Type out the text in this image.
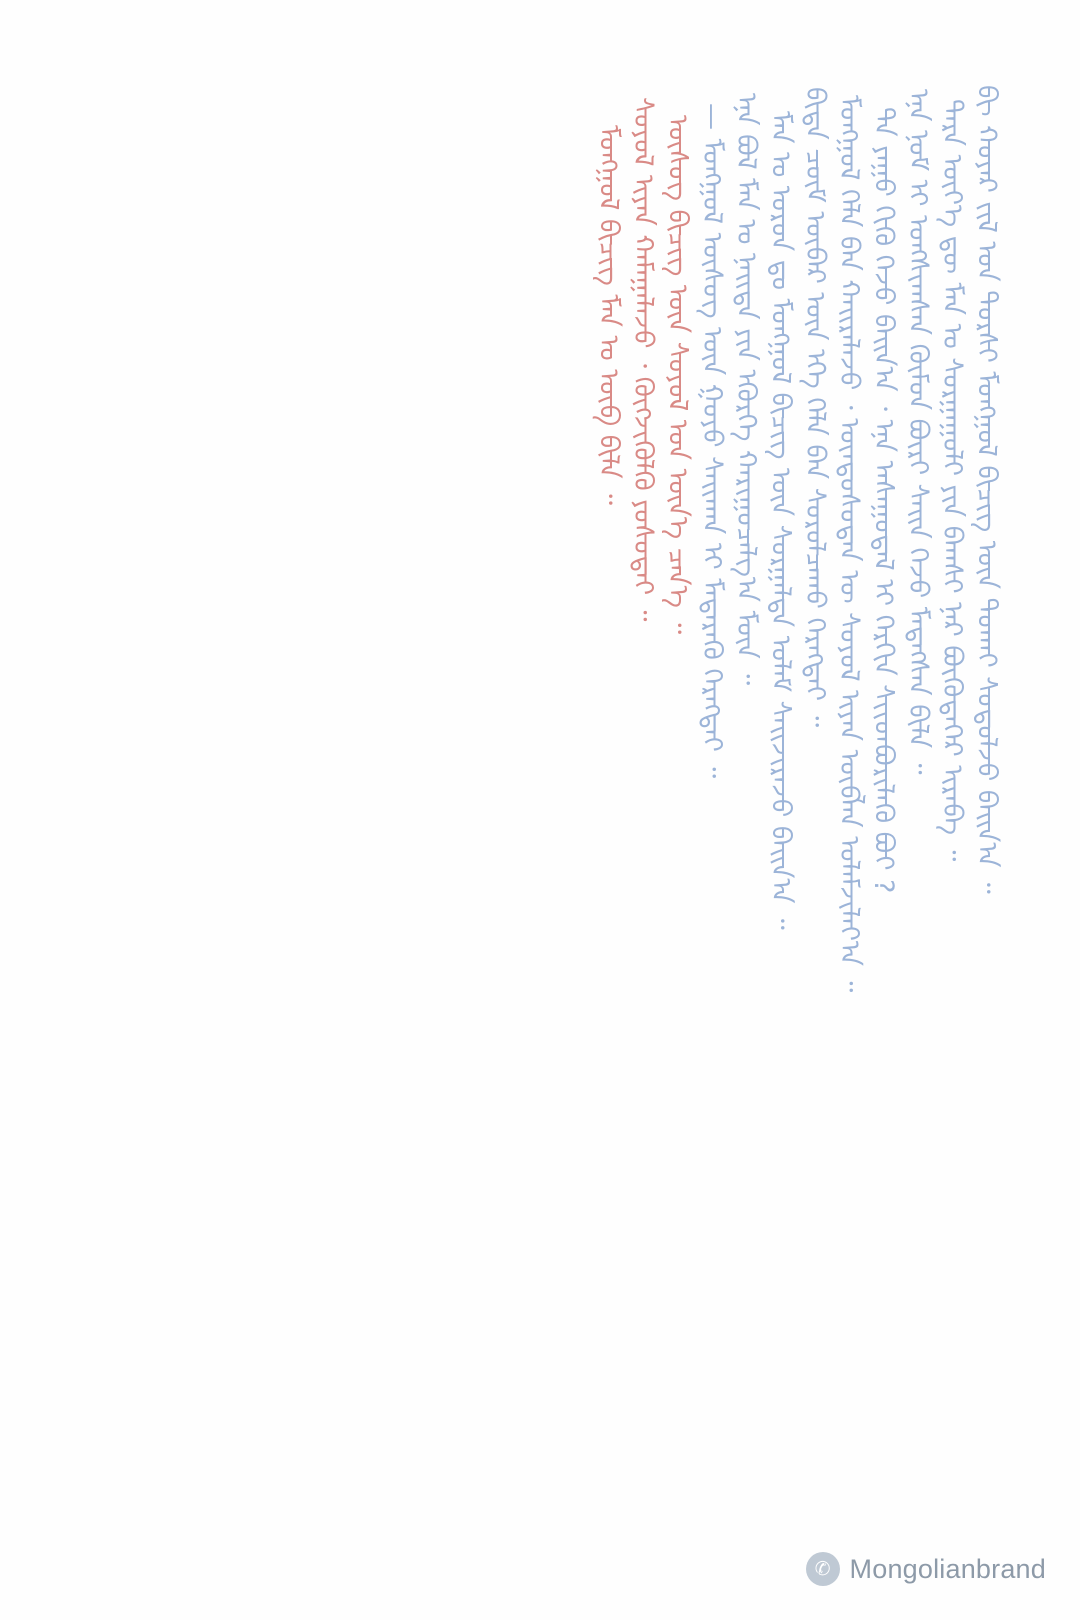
ᠪᠢ ᠬᠣᠶᠠᠷ ᠵᠢᠯ ᠤᠨ ᠲᠤᠷᠰᠢ ᠮᠣᠩᠭᠣᠯ ᠪᠢᠴᠢᠭ ᠦᠨ ᠲᠤᠬᠠᠢ ᠰᠤᠳᠤᠯᠵᠤ ᠪᠠᠢᠨ᠎ᠠ ᠃
ᠲᠡᠷᠡ ᠦᠶ᠎ᠡ ᠳᠦ ᠮᠠᠨ ᠤ ᠰᠤᠷᠭᠠᠭᠤᠯᠢ ᠶᠢᠨ ᠪᠠᠭᠰᠢ ᠨᠠᠷ ᠪᠦᠭᠦᠳᠡᠭᠡᠷ ᠢᠷᠡᠪᠡ ᠃
ᠡᠨᠡ ᠨᠣᠮ ᠢ ᠤᠩᠰᠢᠭᠰᠠᠨ ᠬᠦᠮᠦᠨ ᠪᠦᠷᠢ ᠰᠠᠢᠨ ᠭᠡᠵᠦ ᠮᠡᠳᠡᠭᠰᠡᠨ ᠪᠢᠯᠡ ᠃
ᠲᠠ ᠶᠠᠭᠤ ᠬᠢᠬᠦ ᠭᠡᠵᠦ ᠪᠠᠢᠨ᠎ᠠ ᠂ ᠡᠨᠡ ᠠᠰᠠᠭᠤᠳᠠᠯ ᠢ ᠬᠡᠷᠬᠢᠨ ᠰᠢᠢᠳᠪᠦᠷᠢᠯᠡᠬᠦ ᠪᠤᠢ ?
ᠮᠣᠩᠭᠣᠯ ᠬᠡᠯᠡ ᠪᠡᠨ ᠬᠠᠢᠷᠠᠯᠠᠵᠤ ᠂ ᠦᠨᠳᠦᠰᠦᠲᠡᠨ ᠦ ᠰᠤᠶᠤᠯ ᠢᠶᠠᠨ ᠥᠪᠯᠡᠨ ᠤᠯᠠᠮᠵᠢᠯᠠᠶ᠎ᠠ ᠃
ᠪᠢᠳᠡ ᠴᠥᠮ ᠥᠪᠡᠷ ᠦᠨ ᠡᠬᠡ ᠬᠡᠯᠡ ᠪᠡᠨ ᠰᠤᠷᠤᠯᠴᠠᠬᠤ ᠬᠡᠷᠡᠭᠲᠡᠢ ᠃
ᠮᠠᠨ ᠤ ᠣᠷᠣᠨ ᠳᠤ ᠮᠣᠩᠭᠣᠯ ᠪᠢᠴᠢᠭ ᠦᠨ ᠰᠤᠷᠭᠠᠯᠲᠠ ᠤᠯᠠᠮ ᠰᠠᠢᠵᠢᠷᠠᠵᠤ ᠪᠠᠢᠨ᠎ᠠ ᠃
ᠡᠨᠡ ᠪᠣᠯ ᠮᠠᠨ ᠤ ᠨᠡᠢᠲᠡ ᠶᠢᠨ ᠡᠭᠦᠷᠭᠡ ᠬᠠᠷᠢᠭᠤᠴᠠᠯᠭ᠎ᠠ ᠮᠥᠨ ᠃
— ᠮᠣᠩᠭᠣᠯ ᠦᠰᠦᠭ ᠦᠨ ᠭᠣᠶᠣ ᠰᠠᠢᠬᠠᠨ ᠢ ᠮᠡᠳᠡᠷᠡᠬᠦ ᠬᠡᠷᠡᠭᠲᠡᠢ ᠃
ᠦᠰᠦᠭ ᠪᠢᠴᠢᠭ ᠦᠨ ᠰᠤᠶᠤᠯ ᠤᠨ ᠦᠨ᠎ᠡ ᠴᠡᠨ᠎ᠡ ᠃
ᠰᠤᠶᠤᠯ ᠢᠶᠠᠨ ᠬᠠᠮᠠᠭᠠᠯᠠᠵᠤ ᠂ ᠬᠥᠭᠵᠢᠭᠦᠯᠬᠦ ᠶᠣᠰᠣᠲᠠᠢ ᠃
ᠮᠣᠩᠭᠣᠯ ᠪᠢᠴᠢᠭ ᠮᠠᠨ ᠤ ᠥᠪ ᠪᠢᠯᠡ ᠃
✆ Mongolianbrand
